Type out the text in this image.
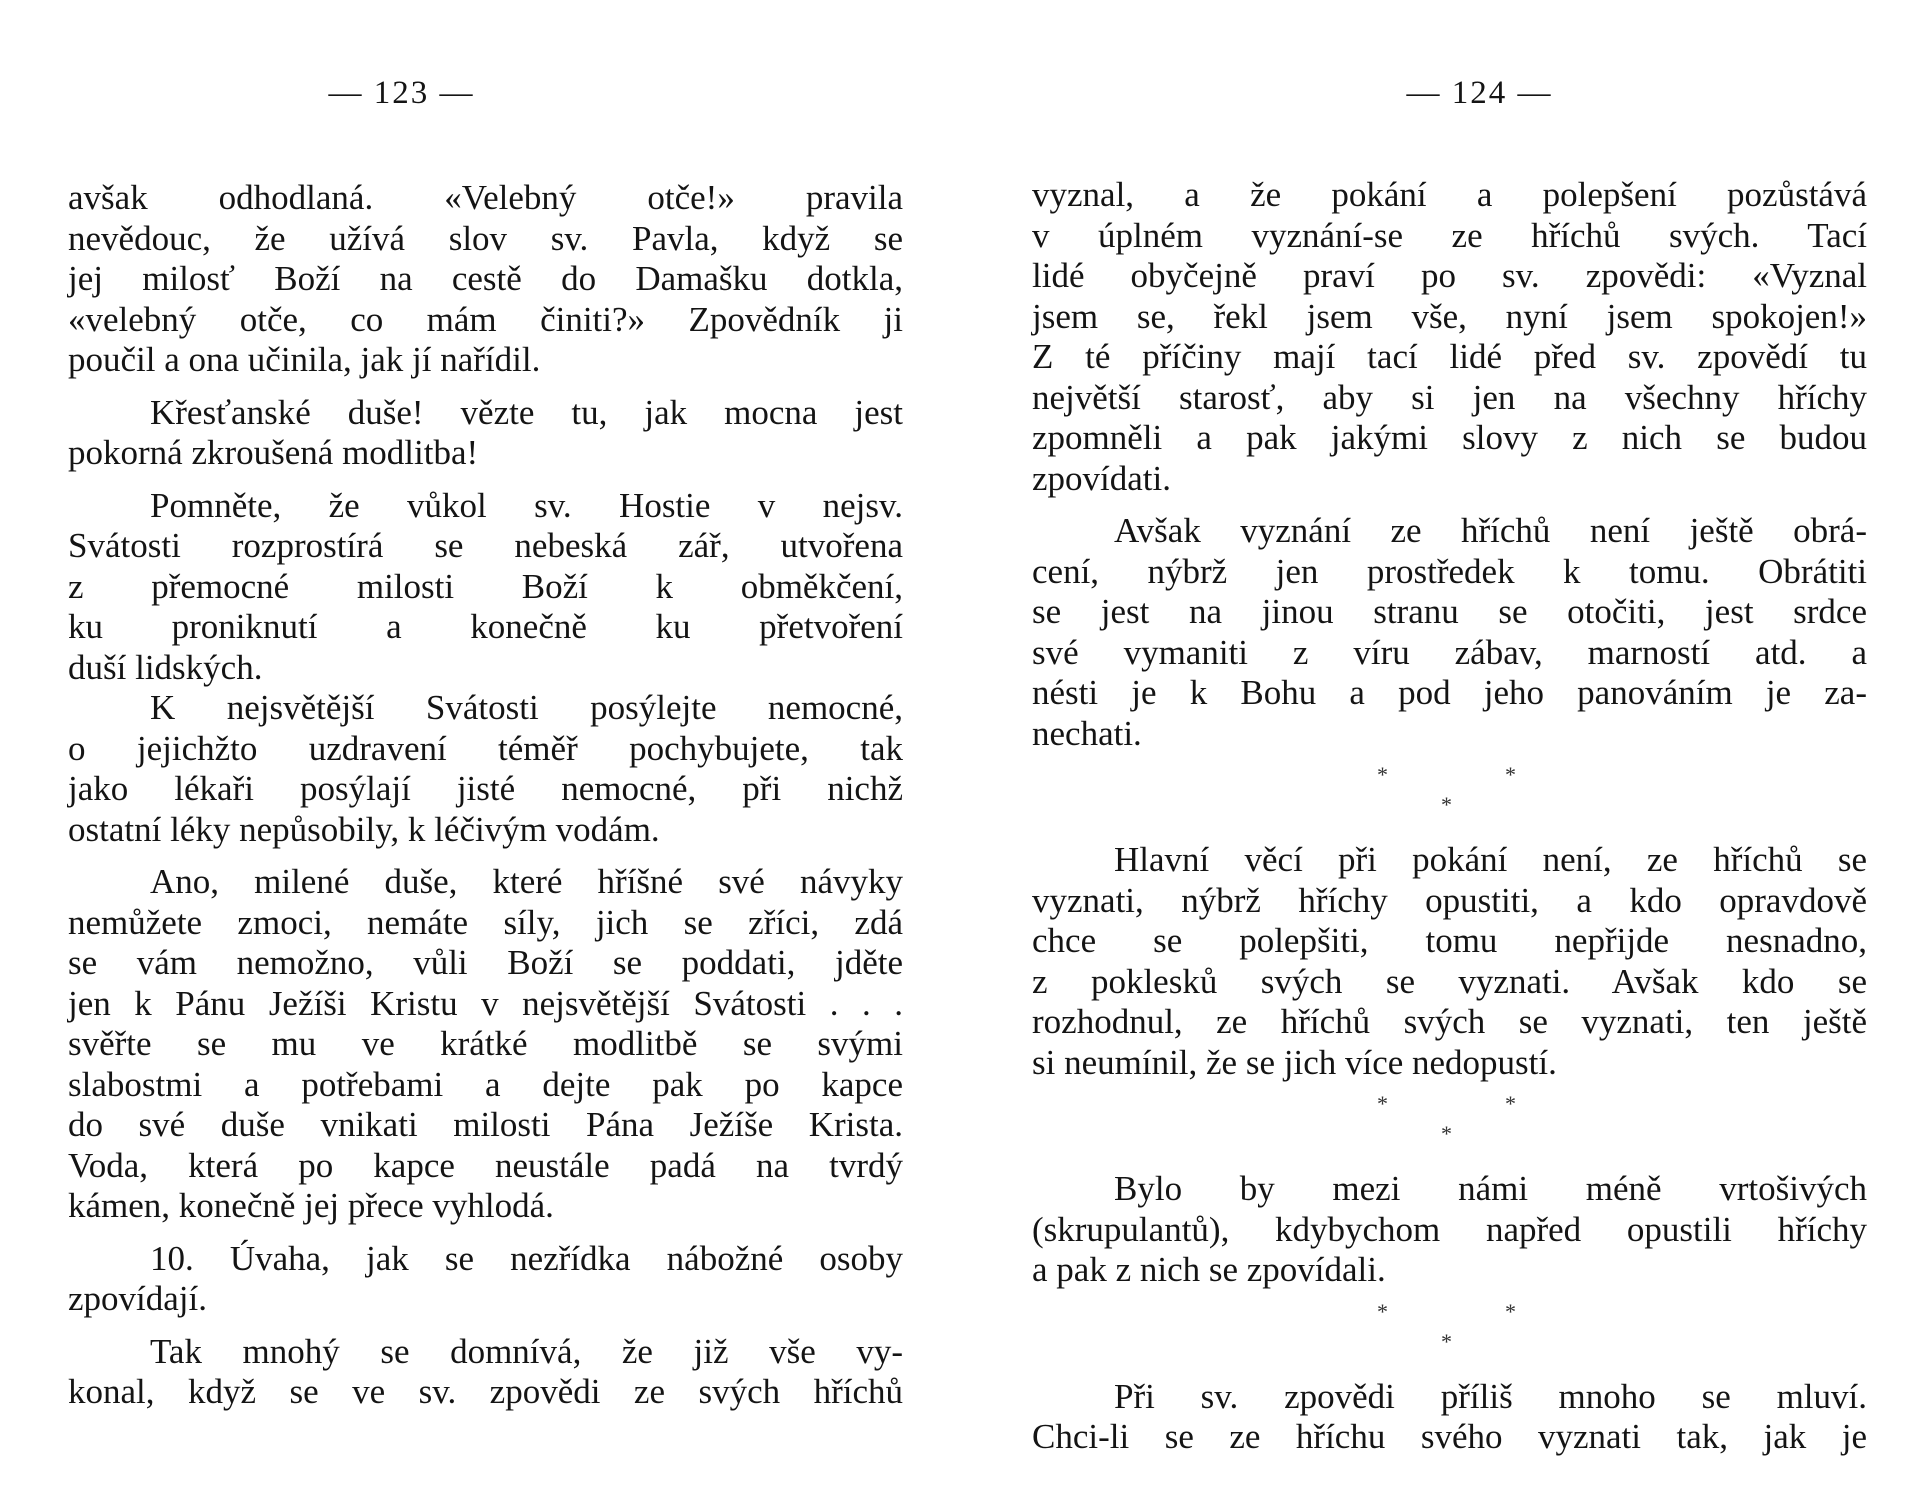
— 123 —
avšak odhodlaná. «Velebný otče!» pravila
nevědouc, že užívá slov sv. Pavla, když se
jej milosť Boží na cestě do Damašku dotkla,
«velebný otče, co mám činiti?» Zpovědník ji
poučil a ona učinila, jak jí nařídil.
Křesťanské duše! vězte tu, jak mocna jest
pokorná zkroušená modlitba!
Pomněte, že vůkol sv. Hostie v nejsv.
Svátosti rozprostírá se nebeská zář, utvořena
z přemocné milosti Boží k obměkčení,
ku proniknutí a konečně ku přetvoření
duší lidských.
K nejsvětější Svátosti posýlejte nemocné,
o jejichžto uzdravení téměř pochybujete, tak
jako lékaři posýlají jisté nemocné, při nichž
ostatní léky nepůsobily, k léčivým vodám.
Ano, milené duše, které hříšné své návyky
nemůžete zmoci, nemáte síly, jich se zříci, zdá
se vám nemožno, vůli Boží se poddati, jděte
jen k Pánu Ježíši Kristu v nejsvětější Svátosti . . .
svěřte se mu ve krátké modlitbě se svými
slabostmi a potřebami a dejte pak po kapce
do své duše vnikati milosti Pána Ježíše Krista.
Voda, která po kapce neustále padá na tvrdý
kámen, konečně jej přece vyhlodá.
10. Úvaha, jak se nezřídka nábožné osoby
zpovídají.
Tak mnohý se domnívá, že již vše vy-
konal, když se ve sv. zpovědi ze svých hříchů
— 124 —
vyznal, a že pokání a polepšení pozůstává
v úplném vyznání-se ze hříchů svých. Tací
lidé obyčejně praví po sv. zpovědi: «Vyznal
jsem se, řekl jsem vše, nyní jsem spokojen!»
Z té příčiny mají tací lidé před sv. zpovědí tu
největší starosť, aby si jen na všechny hříchy
zpomněli a pak jakými slovy z nich se budou
zpovídati.
Avšak vyznání ze hříchů není ještě obrá-
cení, nýbrž jen prostředek k tomu. Obrátiti
se jest na jinou stranu se otočiti, jest srdce
své vymaniti z víru zábav, marností atd. a
nésti je k Bohu a pod jeho panováním je za-
nechati.
*	*
*
Hlavní věcí při pokání není, ze hříchů se
vyznati, nýbrž hříchy opustiti, a kdo opravdově
chce se polepšiti, tomu nepřijde nesnadno,
z poklesků svých se vyznati. Avšak kdo se
rozhodnul, ze hříchů svých se vyznati, ten ještě
si neumínil, že se jich více nedopustí.
*	*
*
Bylo by mezi námi méně vrtošivých
(skrupulantů), kdybychom napřed opustili hříchy
a pak z nich se zpovídali.
*	*
*
Při sv. zpovědi příliš mnoho se mluví.
Chci-li se ze hříchu svého vyznati tak, jak je
